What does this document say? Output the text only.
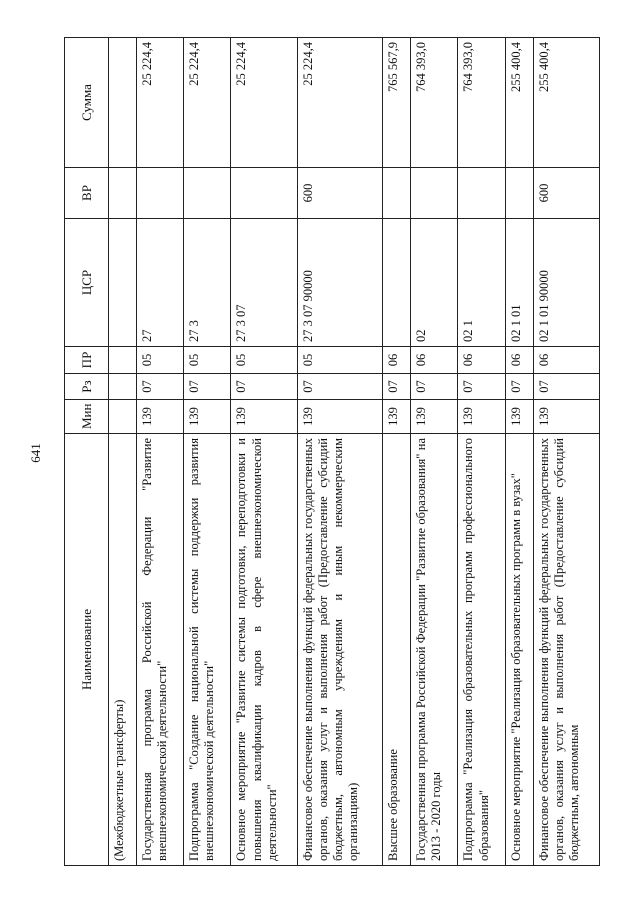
641
Наименование	Мин	Рз	ПР	ЦСР	ВР	Сумма
(Межбюджетные трансферты)						
Государственная программа Российской Федерации "Развитие внешнеэкономической деятельности"	139	07	05	27		25 224,4
Подпрограмма "Создание национальной системы поддержки развития внешнеэкономической деятельности"	139	07	05	27 3		25 224,4
Основное мероприятие "Развитие системы подготовки, переподготовки и повышения квалификации кадров в сфере внешнеэкономической деятельности"	139	07	05	27 3 07		25 224,4
Финансовое обеспечение выполнения функций федеральных государственных органов, оказания услуг и выполнения работ (Предоставление субсидий бюджетным, автономным учреждениям и иным некоммерческим организациям)	139	07	05	27 3 07 90000	600	25 224,4
Высшее образование	139	07	06			765 567,9
Государственная программа Российской Федерации "Развитие образования" на 2013 - 2020 годы	139	07	06	02		764 393,0
Подпрограмма "Реализация образовательных программ профессионального образования"	139	07	06	02 1		764 393,0
Основное мероприятие "Реализация образовательных программ в вузах"	139	07	06	02 1 01		255 400,4
Финансовое обеспечение выполнения функций федеральных государственных органов, оказания услуг и выполнения работ (Предоставление субсидий бюджетным, автономным	139	07	06	02 1 01 90000	600	255 400,4
